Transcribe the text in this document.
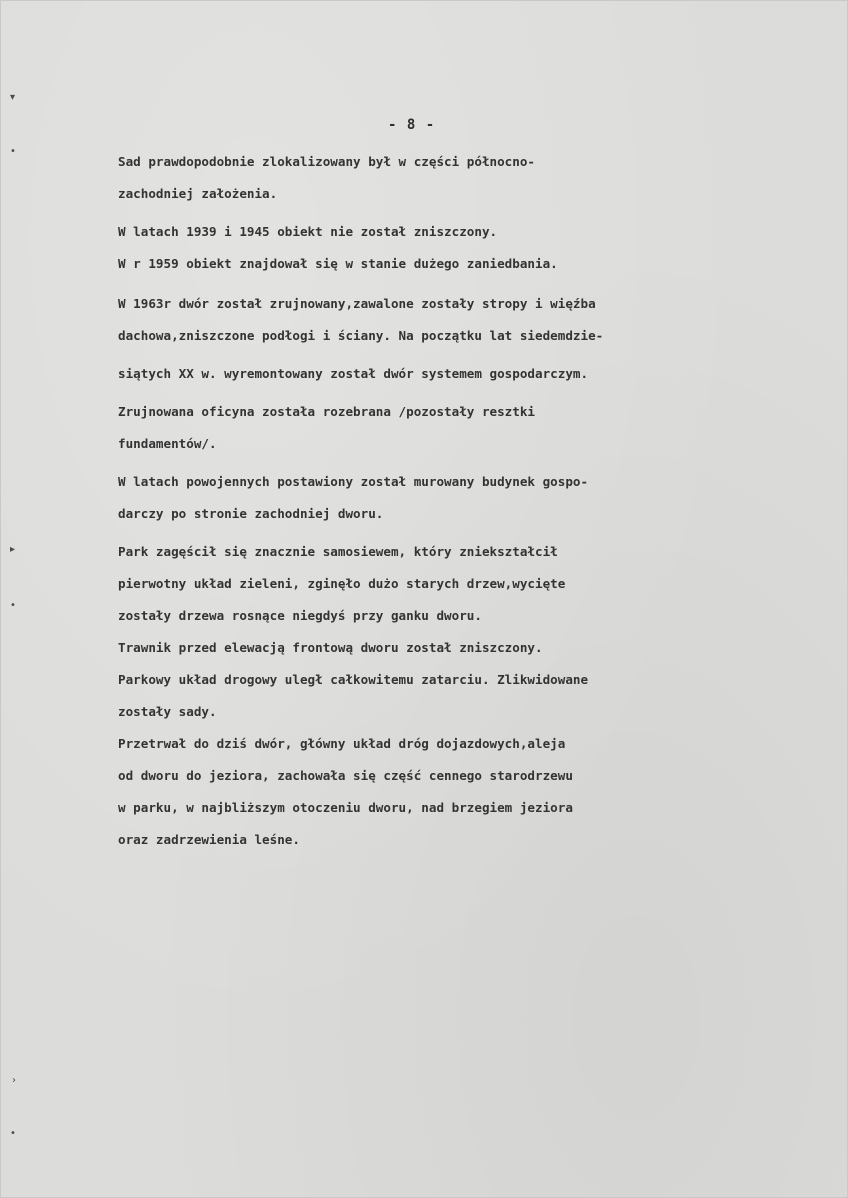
▾
•
▸
•
›
•
- 8 -
Sad prawdopodobnie zlokalizowany był w części północno-
zachodniej założenia.
W latach 1939 i 1945 obiekt nie został zniszczony.
W r 1959 obiekt znajdował się w stanie dużego zaniedbania.
W 1963r dwór został zrujnowany,zawalone zostały stropy i więźba
dachowa,zniszczone podłogi i ściany. Na początku lat siedemdzie-
siątych XX w. wyremontowany został dwór systemem gospodarczym.
Zrujnowana oficyna została rozebrana /pozostały resztki
fundamentów/.
W latach powojennych postawiony został murowany budynek gospo-
darczy po stronie zachodniej dworu.
Park zagęścił się znacznie samosiewem, który zniekształcił
pierwotny układ zieleni, zginęło dużo starych drzew,wycięte
zostały drzewa rosnące niegdyś przy ganku dworu.
Trawnik przed elewacją frontową dworu został zniszczony.
Parkowy układ drogowy uległ całkowitemu zatarciu. Zlikwidowane
zostały sady.
Przetrwał do dziś dwór, główny układ dróg dojazdowych,aleja
od dworu do jeziora, zachowała się część cennego starodrzewu
w parku, w najbliższym otoczeniu dworu, nad brzegiem jeziora
oraz zadrzewienia leśne.
